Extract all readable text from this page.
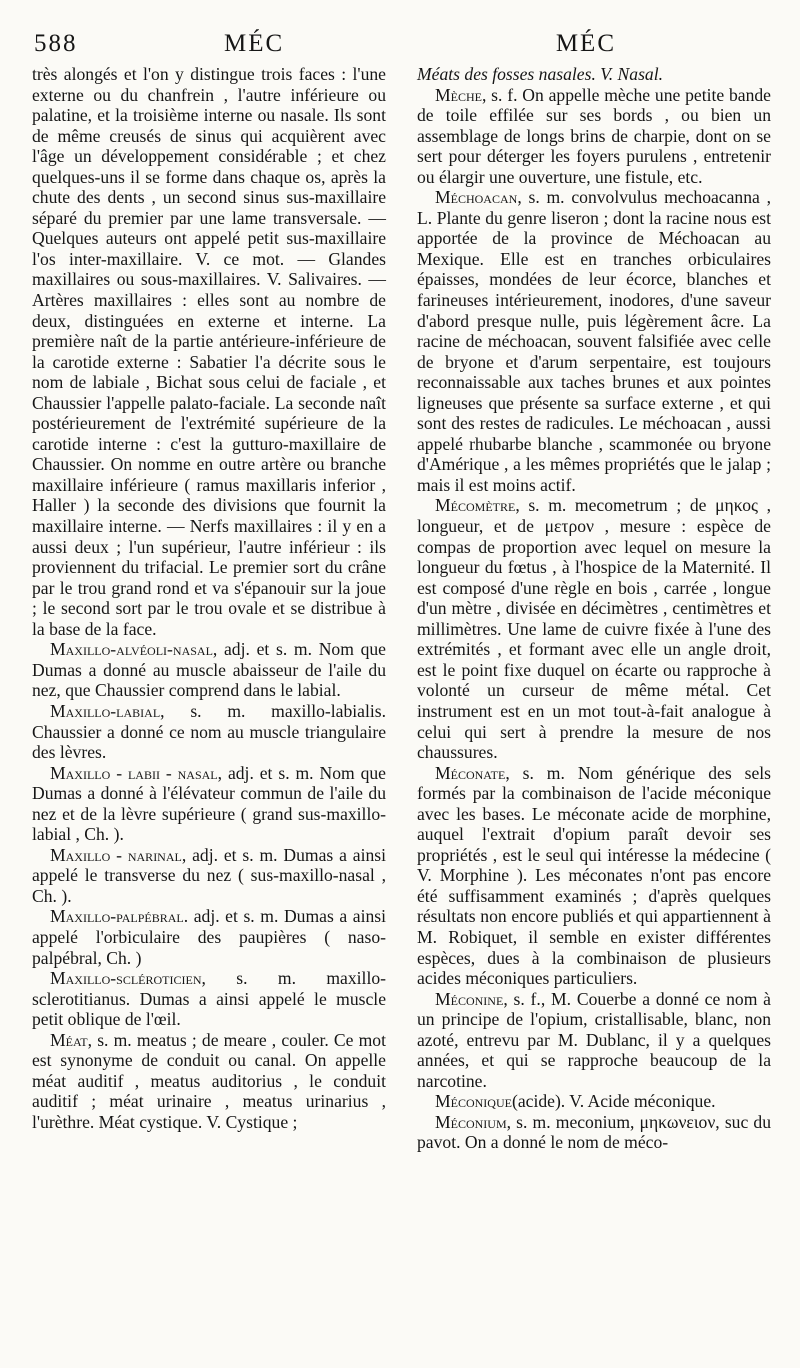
588	MÉC	MÉC

très alongés et l'on y distingue trois faces : l'une externe ou du chanfrein , l'autre inférieure ou palatine, et la troisième interne ou nasale. Ils sont de même creusés de sinus qui acquièrent avec l'âge un développement considérable ; et chez quelques-uns il se forme dans chaque os, après la chute des dents , un second sinus sus-maxillaire séparé du premier par une lame transversale. — Quelques auteurs ont appelé petit sus-maxillaire l'os inter-maxillaire. V. ce mot. — Glandes maxillaires ou sous-maxillaires. V. Salivaires. — Artères maxillaires : elles sont au nombre de deux, distinguées en externe et interne. La première naît de la partie antérieure-inférieure de la carotide externe : Sabatier l'a décrite sous le nom de labiale , Bichat sous celui de faciale , et Chaussier l'appelle palato-faciale. La seconde naît postérieurement de l'extrémité supérieure de la carotide interne : c'est la gutturo-maxillaire de Chaussier. On nomme en outre artère ou branche maxillaire inférieure ( ramus maxillaris inferior , Haller ) la seconde des divisions que fournit la maxillaire interne. — Nerfs maxillaires : il y en a aussi deux ; l'un supérieur, l'autre inférieur : ils proviennent du trifacial. Le premier sort du crâne par le trou grand rond et va s'épanouir sur la joue ; le second sort par le trou ovale et se distribue à la base de la face.

Maxillo-alvéoli-nasal, adj. et s. m. Nom que Dumas a donné au muscle abaisseur de l'aile du nez, que Chaussier comprend dans le labial.

Maxillo-labial, s. m. maxillo-labialis. Chaussier a donné ce nom au muscle triangulaire des lèvres.

Maxillo - labii - nasal, adj. et s. m. Nom que Dumas a donné à l'élévateur commun de l'aile du nez et de la lèvre supérieure ( grand sus-maxillo-labial , Ch. ).

Maxillo - narinal, adj. et s. m. Dumas a ainsi appelé le transverse du nez ( sus-maxillo-nasal , Ch. ).

Maxillo-palpébral. adj. et s. m. Dumas a ainsi appelé l'orbiculaire des paupières ( naso-palpébral, Ch. )

Maxillo-scléroticien, s. m. maxillo-sclerotitianus. Dumas a ainsi appelé le muscle petit oblique de l'œil.

Méat, s. m. meatus ; de meare , couler. Ce mot est synonyme de conduit ou canal. On appelle méat auditif , meatus auditorius , le conduit auditif ; méat urinaire , meatus urinarius , l'urèthre. Méat cystique. V. Cystique ;

Méats des fosses nasales. V. Nasal.

Mèche, s. f. On appelle mèche une petite bande de toile effilée sur ses bords , ou bien un assemblage de longs brins de charpie, dont on se sert pour déterger les foyers purulens , entretenir ou élargir une ouverture, une fistule, etc.

Méchoacan, s. m. convolvulus mechoacanna , L. Plante du genre liseron ; dont la racine nous est apportée de la province de Méchoacan au Mexique. Elle est en tranches orbiculaires épaisses, mondées de leur écorce, blanches et farineuses intérieurement, inodores, d'une saveur d'abord presque nulle, puis légèrement âcre. La racine de méchoacan, souvent falsifiée avec celle de bryone et d'arum serpentaire, est toujours reconnaissable aux taches brunes et aux pointes ligneuses que présente sa surface externe , et qui sont des restes de radicules. Le méchoacan , aussi appelé rhubarbe blanche , scammonée ou bryone d'Amérique , a les mêmes propriétés que le jalap ; mais il est moins actif.

Mécomètre, s. m. mecometrum ; de μηκος , longueur, et de μετρον , mesure : espèce de compas de proportion avec lequel on mesure la longueur du fœtus , à l'hospice de la Maternité. Il est composé d'une règle en bois , carrée , longue d'un mètre , divisée en décimètres , centimètres et millimètres. Une lame de cuivre fixée à l'une des extrémités , et formant avec elle un angle droit, est le point fixe duquel on écarte ou rapproche à volonté un curseur de même métal. Cet instrument est en un mot tout-à-fait analogue à celui qui sert à prendre la mesure de nos chaussures.

Méconate, s. m. Nom générique des sels formés par la combinaison de l'acide méconique avec les bases. Le méconate acide de morphine, auquel l'extrait d'opium paraît devoir ses propriétés , est le seul qui intéresse la médecine ( V. Morphine ). Les méconates n'ont pas encore été suffisamment examinés ; d'après quelques résultats non encore publiés et qui appartiennent à M. Robiquet, il semble en exister différentes espèces, dues à la combinaison de plusieurs acides méconiques particuliers.

Méconine, s. f., M. Couerbe a donné ce nom à un principe de l'opium, cristallisable, blanc, non azoté, entrevu par M. Dublanc, il y a quelques années, et qui se rapproche beaucoup de la narcotine.

Méconique(acide). V. Acide méconique.

Méconium, s. m. meconium, μηκωνειον, suc du pavot. On a donné le nom de méco-
